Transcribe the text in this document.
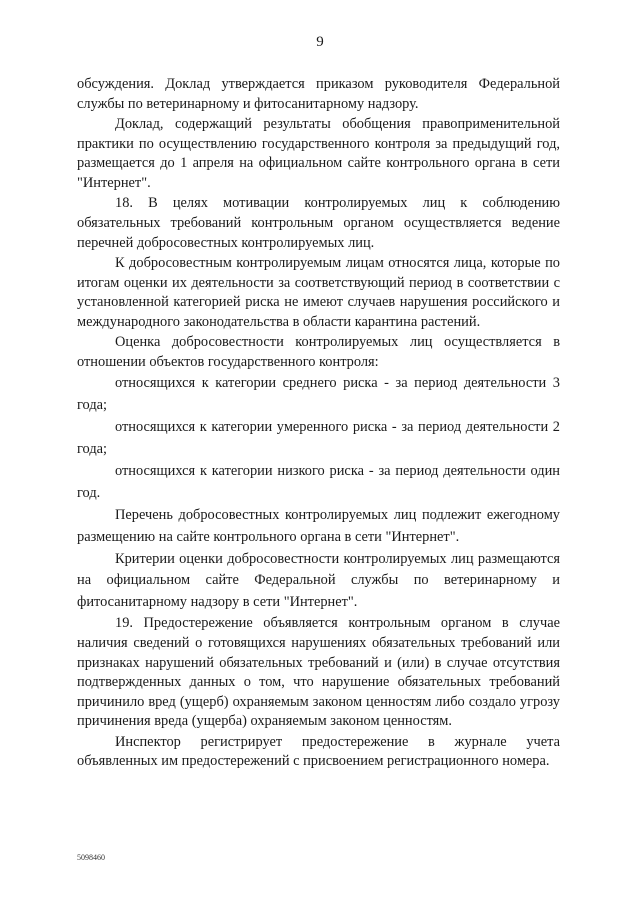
9

обсуждения. Доклад утверждается приказом руководителя Федеральной службы по ветеринарному и фитосанитарному надзору.

Доклад, содержащий результаты обобщения правоприменительной практики по осуществлению государственного контроля за предыдущий год, размещается до 1 апреля на официальном сайте контрольного органа в сети "Интернет".

18. В целях мотивации контролируемых лиц к соблюдению обязательных требований контрольным органом осуществляется ведение перечней добросовестных контролируемых лиц.

К добросовестным контролируемым лицам относятся лица, которые по итогам оценки их деятельности за соответствующий период в соответствии с установленной категорией риска не имеют случаев нарушения российского и международного законодательства в области карантина растений.

Оценка добросовестности контролируемых лиц осуществляется в отношении объектов государственного контроля:

относящихся к категории среднего риска - за период деятельности 3 года;

относящихся к категории умеренного риска - за период деятельности 2 года;

относящихся к категории низкого риска - за период деятельности один год.

Перечень добросовестных контролируемых лиц подлежит ежегодному размещению на сайте контрольного органа в сети "Интернет".

Критерии оценки добросовестности контролируемых лиц размещаются на официальном сайте Федеральной службы по ветеринарному и фитосанитарному надзору в сети "Интернет".

19. Предостережение объявляется контрольным органом в случае наличия сведений о готовящихся нарушениях обязательных требований или признаках нарушений обязательных требований и (или) в случае отсутствия подтвержденных данных о том, что нарушение обязательных требований причинило вред (ущерб) охраняемым законом ценностям либо создало угрозу причинения вреда (ущерба) охраняемым законом ценностям.

Инспектор регистрирует предостережение в журнале учета объявленных им предостережений с присвоением регистрационного номера.

5098460
